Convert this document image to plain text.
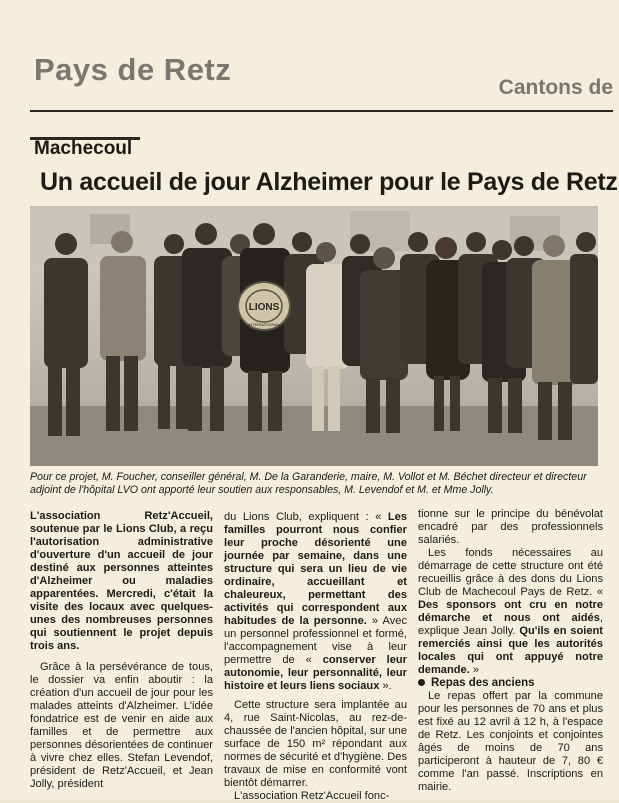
Pays de Retz
Cantons de
Machecoul
Un accueil de jour Alzheimer pour le Pays de Retz
LIONS
INTERNATIONAL
Pour ce projet, M. Foucher, conseiller général, M. De la Garanderie, maire, M. Vollot et M. Béchet directeur et directeur adjoint de l'hôpital LVO ont apporté leur soutien aux responsables, M. Levendof et M. et Mme Jolly.

L'association Retz'Accueil, soutenue par le Lions Club, a reçu l'autorisation administrative d'ouverture d'un accueil de jour destiné aux personnes atteintes d'Alzheimer ou maladies apparentées. Mercredi, c'était la visite des locaux avec quelques-unes des nombreuses personnes qui soutiennent le projet depuis trois ans.

Grâce à la persévérance de tous, le dossier va enfin aboutir : la création d'un accueil de jour pour les malades atteints d'Alzheimer. L'idée fondatrice est de venir en aide aux familles et de permettre aux personnes désorientées de continuer à vivre chez elles. Stefan Levendof, président de Retz'Accueil, et Jean Jolly, président

du Lions Club, expliquent : « Les familles pourront nous confier leur proche désorienté une journée par semaine, dans une structure qui sera un lieu de vie ordinaire, accueillant et chaleureux, permettant des activités qui correspondent aux habitudes de la personne. » Avec un personnel professionnel et formé, l'accompagnement vise à leur permettre de « conserver leur autonomie, leur personnalité, leur histoire et leurs liens sociaux ».

Cette structure sera implantée au 4, rue Saint-Nicolas, au rez-de-chaussée de l'ancien hôpital, sur une surface de 150 m² répondant aux normes de sécurité et d'hygiène. Des travaux de mise en conformité vont bientôt démarrer.

L'association Retz'Accueil fonc-

tionne sur le principe du bénévolat encadré par des professionnels salariés.

Les fonds nécessaires au démarrage de cette structure ont été recueillis grâce à des dons du Lions Club de Machecoul Pays de Retz. « Des sponsors ont cru en notre démarche et nous ont aidés, explique Jean Jolly. Qu'ils en soient remerciés ainsi que les autorités locales qui ont appuyé notre demande. »

Repas des anciens

Le repas offert par la commune pour les personnes de 70 ans et plus est fixé au 12 avril à 12 h, à l'espace de Retz. Les conjoints et conjointes âgés de moins de 70 ans participeront à hauteur de 7, 80 € comme l'an passé. Inscriptions en mairie.
